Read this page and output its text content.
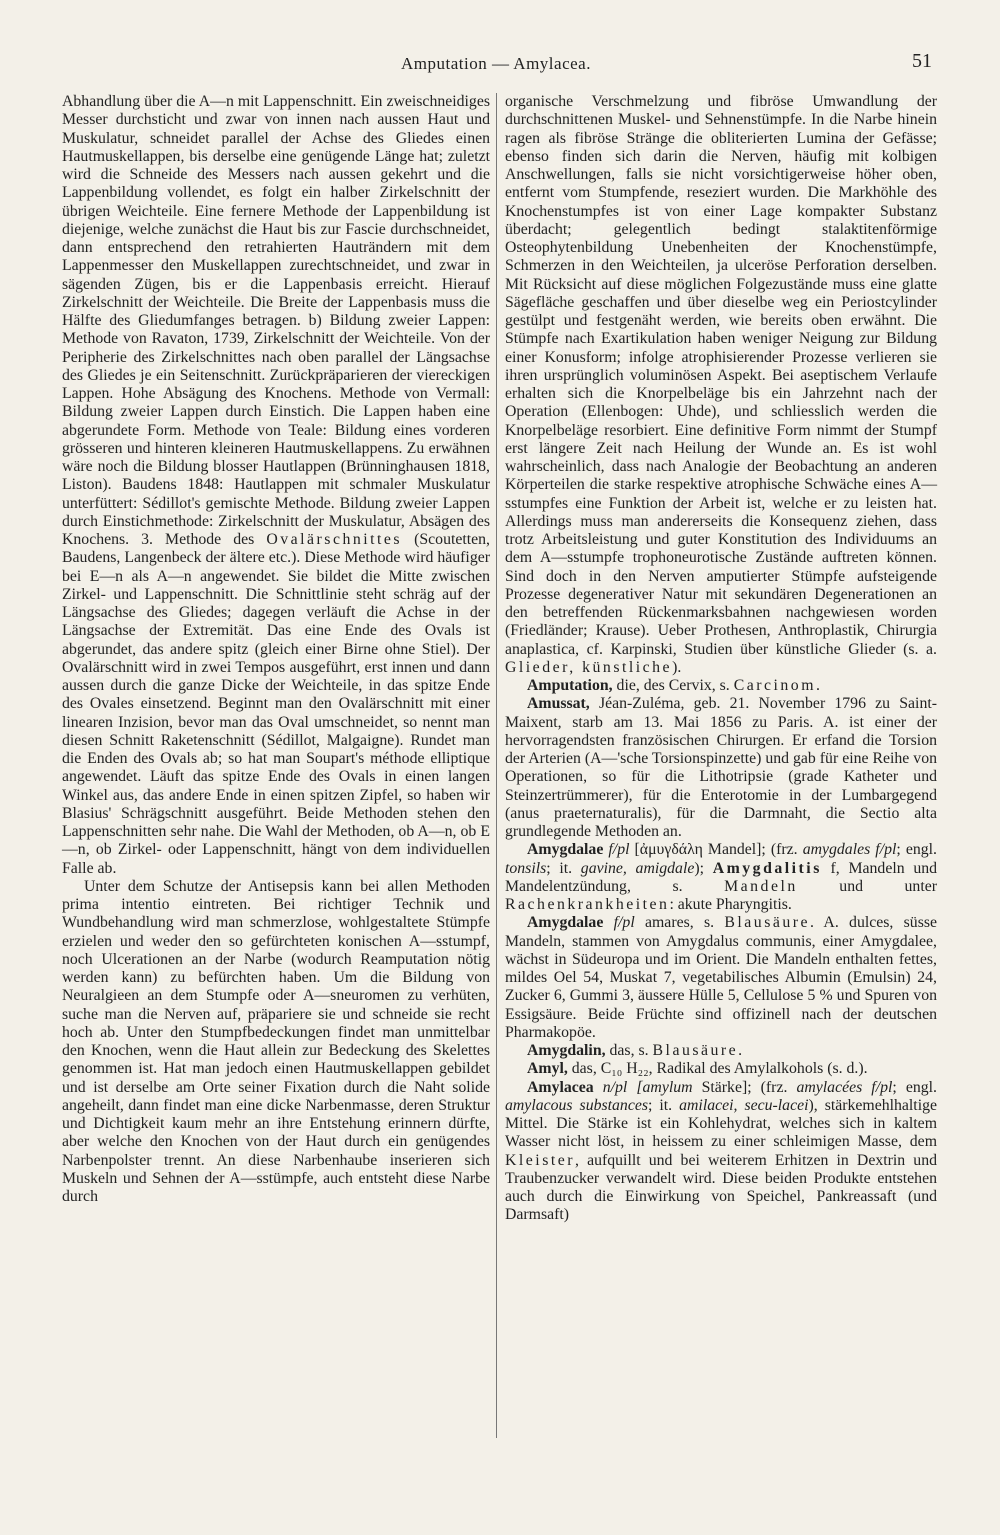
Amputation — Amylacea.	51

Abhandlung über die A—n mit Lappenschnitt. Ein zweischneidiges Messer durchsticht und zwar von innen nach aussen Haut und Muskulatur, schneidet parallel der Achse des Gliedes einen Hautmuskellappen, bis derselbe eine genügende Länge hat; zuletzt wird die Schneide des Messers nach aussen gekehrt und die Lappenbildung vollendet, es folgt ein halber Zirkelschnitt der übrigen Weichteile. Eine fernere Methode der Lappenbildung ist diejenige, welche zunächst die Haut bis zur Fascie durchschneidet, dann entsprechend den retrahierten Hauträndern mit dem Lappenmesser den Muskellappen zurechtschneidet, und zwar in sägenden Zügen, bis er die Lappenbasis erreicht. Hierauf Zirkelschnitt der Weichteile. Die Breite der Lappenbasis muss die Hälfte des Gliedumfanges betragen. b) Bildung zweier Lappen: Methode von Ravaton, 1739, Zirkelschnitt der Weichteile. Von der Peripherie des Zirkelschnittes nach oben parallel der Längsachse des Gliedes je ein Seitenschnitt. Zurückpräparieren der viereckigen Lappen. Hohe Absägung des Knochens. Methode von Vermall: Bildung zweier Lappen durch Einstich. Die Lappen haben eine abgerundete Form. Methode von Teale: Bildung eines vorderen grösseren und hinteren kleineren Hautmuskellappens. Zu erwähnen wäre noch die Bildung blosser Hautlappen (Brünninghausen 1818, Liston). Baudens 1848: Hautlappen mit schmaler Muskulatur unterfüttert: Sédillot's gemischte Methode. Bildung zweier Lappen durch Einstichmethode: Zirkelschnitt der Muskulatur, Absägen des Knochens. 3. Methode des Ovalärschnittes (Scoutetten, Baudens, Langenbeck der ältere etc.). Diese Methode wird häufiger bei E—n als A—n angewendet. Sie bildet die Mitte zwischen Zirkel- und Lappenschnitt. Die Schnittlinie steht schräg auf der Längsachse des Gliedes; dagegen verläuft die Achse in der Längsachse der Extremität. Das eine Ende des Ovals ist abgerundet, das andere spitz (gleich einer Birne ohne Stiel). Der Ovalärschnitt wird in zwei Tempos ausgeführt, erst innen und dann aussen durch die ganze Dicke der Weichteile, in das spitze Ende des Ovales einsetzend. Beginnt man den Ovalärschnitt mit einer linearen Inzision, bevor man das Oval umschneidet, so nennt man diesen Schnitt Raketenschnitt (Sédillot, Malgaigne). Rundet man die Enden des Ovals ab; so hat man Soupart's méthode elliptique angewendet. Läuft das spitze Ende des Ovals in einen langen Winkel aus, das andere Ende in einen spitzen Zipfel, so haben wir Blasius' Schrägschnitt ausgeführt. Beide Methoden stehen den Lappenschnitten sehr nahe. Die Wahl der Methoden, ob A—n, ob E—n, ob Zirkel- oder Lappenschnitt, hängt von dem individuellen Falle ab.

Unter dem Schutze der Antisepsis kann bei allen Methoden prima intentio eintreten. Bei richtiger Technik und Wundbehandlung wird man schmerzlose, wohlgestaltete Stümpfe erzielen und weder den so gefürchteten konischen A—sstumpf, noch Ulcerationen an der Narbe (wodurch Reamputation nötig werden kann) zu befürchten haben. Um die Bildung von Neuralgieen an dem Stumpfe oder A—sneuromen zu verhüten, suche man die Nerven auf, präpariere sie und schneide sie recht hoch ab. Unter den Stumpfbedeckungen findet man unmittelbar den Knochen, wenn die Haut allein zur Bedeckung des Skelettes genommen ist. Hat man jedoch einen Hautmuskellappen gebildet und ist derselbe am Orte seiner Fixation durch die Naht solide angeheilt, dann findet man eine dicke Narbenmasse, deren Struktur und Dichtigkeit kaum mehr an ihre Entstehung erinnern dürfte, aber welche den Knochen von der Haut durch ein genügendes Narbenpolster trennt. An diese Narbenhaube inserieren sich Muskeln und Sehnen der A—sstümpfe, auch entsteht diese Narbe durch

organische Verschmelzung und fibröse Umwandlung der durchschnittenen Muskel- und Sehnenstümpfe. In die Narbe hinein ragen als fibröse Stränge die obliterierten Lumina der Gefässe; ebenso finden sich darin die Nerven, häufig mit kolbigen Anschwellungen, falls sie nicht vorsichtigerweise höher oben, entfernt vom Stumpfende, reseziert wurden. Die Markhöhle des Knochenstumpfes ist von einer Lage kompakter Substanz überdacht; gelegentlich bedingt stalaktitenförmige Osteophytenbildung Unebenheiten der Knochenstümpfe, Schmerzen in den Weichteilen, ja ulceröse Perforation derselben. Mit Rücksicht auf diese möglichen Folgezustände muss eine glatte Sägefläche geschaffen und über dieselbe weg ein Periostcylinder gestülpt und festgenäht werden, wie bereits oben erwähnt. Die Stümpfe nach Exartikulation haben weniger Neigung zur Bildung einer Konusform; infolge atrophisierender Prozesse verlieren sie ihren ursprünglich voluminösen Aspekt. Bei aseptischem Verlaufe erhalten sich die Knorpelbeläge bis ein Jahrzehnt nach der Operation (Ellenbogen: Uhde), und schliesslich werden die Knorpelbeläge resorbiert. Eine definitive Form nimmt der Stumpf erst längere Zeit nach Heilung der Wunde an. Es ist wohl wahrscheinlich, dass nach Analogie der Beobachtung an anderen Körperteilen die starke respektive atrophische Schwäche eines A—sstumpfes eine Funktion der Arbeit ist, welche er zu leisten hat. Allerdings muss man andererseits die Konsequenz ziehen, dass trotz Arbeitsleistung und guter Konstitution des Individuums an dem A—sstumpfe trophoneurotische Zustände auftreten können. Sind doch in den Nerven amputierter Stümpfe aufsteigende Prozesse degenerativer Natur mit sekundären Degenerationen an den betreffenden Rückenmarksbahnen nachgewiesen worden (Friedländer; Krause). Ueber Prothesen, Anthroplastik, Chirurgia anaplastica, cf. Karpinski, Studien über künstliche Glieder (s. a. Glieder, künstliche).

Amputation, die, des Cervix, s. Carcinom.

Amussat, Jéan-Zuléma, geb. 21. November 1796 zu Saint-Maixent, starb am 13. Mai 1856 zu Paris. A. ist einer der hervorragendsten französischen Chirurgen. Er erfand die Torsion der Arterien (A—'sche Torsionspinzette) und gab für eine Reihe von Operationen, so für die Lithotripsie (grade Katheter und Steinzertrümmerer), für die Enterotomie in der Lumbargegend (anus praeternaturalis), für die Darmnaht, die Sectio alta grundlegende Methoden an.

Amygdalae f/pl [ἀμυγδάλη Mandel]; (frz. amygdales f/pl; engl. tonsils; it. gavine, amigdale); Amygdalitis f, Mandeln und Mandelentzündung, s. Mandeln und unter Rachenkrankheiten: akute Pharyngitis.

Amygdalae f/pl amares, s. Blausäure. A. dulces, süsse Mandeln, stammen von Amygdalus communis, einer Amygdalee, wächst in Südeuropa und im Orient. Die Mandeln enthalten fettes, mildes Oel 54, Muskat 7, vegetabilisches Albumin (Emulsin) 24, Zucker 6, Gummi 3, äussere Hülle 5, Cellulose 5 % und Spuren von Essigsäure. Beide Früchte sind offizinell nach der deutschen Pharmakopöe.

Amygdalin, das, s. Blausäure.

Amyl, das, C₁₀ H₂₂, Radikal des Amylalkohols (s. d.).

Amylacea n/pl [amylum Stärke]; (frz. amylacées f/pl; engl. amylacous substances; it. amilacei, secu-lacei), stärkemehlhaltige Mittel. Die Stärke ist ein Kohlehydrat, welches sich in kaltem Wasser nicht löst, in heissem zu einer schleimigen Masse, dem Kleister, aufquillt und bei weiterem Erhitzen in Dextrin und Traubenzucker verwandelt wird. Diese beiden Produkte entstehen auch durch die Einwirkung von Speichel, Pankreassaft (und Darmsaft)
